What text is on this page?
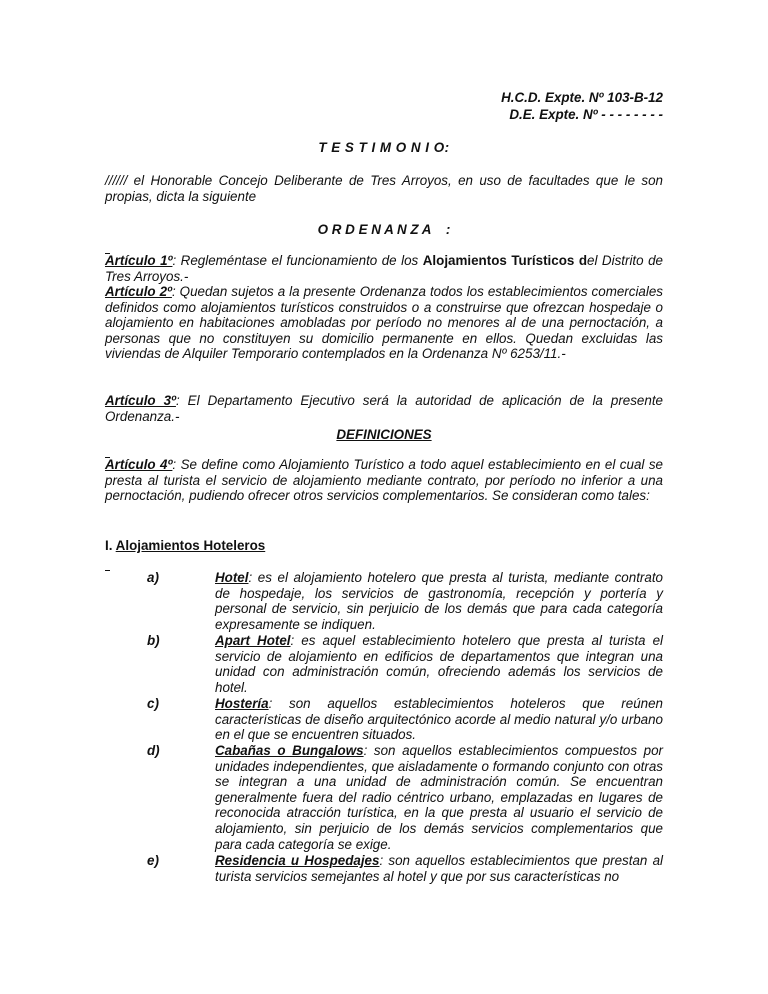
H.C.D. Expte. Nº 103-B-12
D.E. Expte. Nº - - - - - - - -
T E S T I M O N I O:
////// el Honorable Concejo Deliberante de Tres Arroyos, en uso de facultades que le son propias, dicta la siguiente
O R D E N A N Z A    :
Artículo 1º: Regleméntase el funcionamiento de los Alojamientos Turísticos del Distrito de Tres Arroyos.-
Artículo 2º: Quedan sujetos a la presente Ordenanza todos los establecimientos comerciales definidos como alojamientos turísticos construidos o a construirse que ofrezcan hospedaje o alojamiento en habitaciones amobladas por período no menores al de una pernoctación, a personas que no constituyen su domicilio permanente en ellos. Quedan excluidas las viviendas de Alquiler Temporario contemplados en la Ordenanza Nº 6253/11.-
Artículo 3º: El Departamento Ejecutivo será la autoridad de aplicación de la presente Ordenanza.-
DEFINICIONES
Artículo 4º: Se define como Alojamiento Turístico a todo aquel establecimiento en el cual se presta al turista el servicio de alojamiento mediante contrato, por período no inferior a una pernoctación, pudiendo ofrecer otros servicios complementarios. Se consideran como tales:
I. Alojamientos Hoteleros
a)	Hotel: es el alojamiento hotelero que presta al turista, mediante contrato de hospedaje, los servicios de gastronomía, recepción y portería y personal de servicio, sin perjuicio de los demás que para cada categoría expresamente se indiquen.
b)	Apart Hotel: es aquel establecimiento hotelero que presta al turista el servicio de alojamiento en edificios de departamentos que integran una unidad con administración común, ofreciendo además los servicios de hotel.
c)	Hostería: son aquellos establecimientos hoteleros que reúnen características de diseño arquitectónico acorde al medio natural y/o urbano en el que se encuentren situados.
d)	Cabañas o Bungalows: son aquellos establecimientos compuestos por unidades independientes, que aisladamente o formando conjunto con otras se integran a una unidad de administración común. Se encuentran generalmente fuera del radio céntrico urbano, emplazadas en lugares de reconocida atracción turística, en la que presta al usuario el servicio de alojamiento, sin perjuicio de los demás servicios complementarios que para cada categoría se exige.
e)	Residencia u Hospedajes: son aquellos establecimientos que prestan al turista servicios semejantes al hotel y que por sus características no
